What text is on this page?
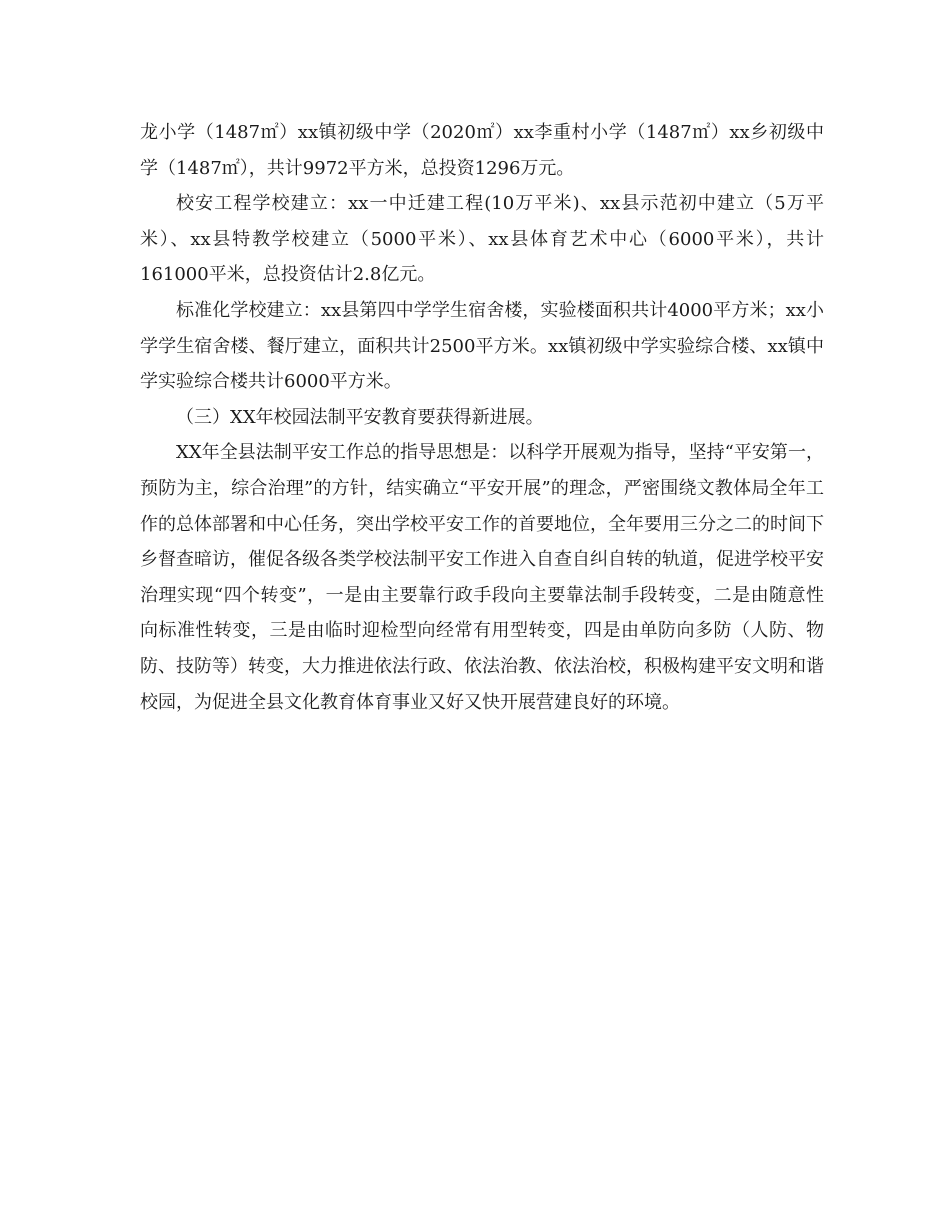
龙小学（1487㎡）xx镇初级中学（2020㎡）xx李重村小学（1487㎡）xx乡初级中学（1487㎡），共计9972平方米，总投资1296万元。

校安工程学校建立：xx一中迁建工程(10万平米)、xx县示范初中建立（5万平米）、xx县特教学校建立（5000平米）、xx县体育艺术中心（6000平米），共计161000平米，总投资估计2.8亿元。

标准化学校建立：xx县第四中学学生宿舍楼，实验楼面积共计4000平方米；xx小学学生宿舍楼、餐厅建立，面积共计2500平方米。xx镇初级中学实验综合楼、xx镇中学实验综合楼共计6000平方米。

（三）XX年校园法制平安教育要获得新进展。

XX年全县法制平安工作总的指导思想是：以科学开展观为指导，坚持“平安第一，预防为主，综合治理”的方针，结实确立“平安开展”的理念，严密围绕文教体局全年工作的总体部署和中心任务，突出学校平安工作的首要地位，全年要用三分之二的时间下乡督查暗访，催促各级各类学校法制平安工作进入自查自纠自转的轨道，促进学校平安治理实现“四个转变”，一是由主要靠行政手段向主要靠法制手段转变，二是由随意性向标准性转变，三是由临时迎检型向经常有用型转变，四是由单防向多防（人防、物防、技防等）转变，大力推进依法行政、依法治教、依法治校，积极构建平安文明和谐校园，为促进全县文化教育体育事业又好又快开展营建良好的环境。
